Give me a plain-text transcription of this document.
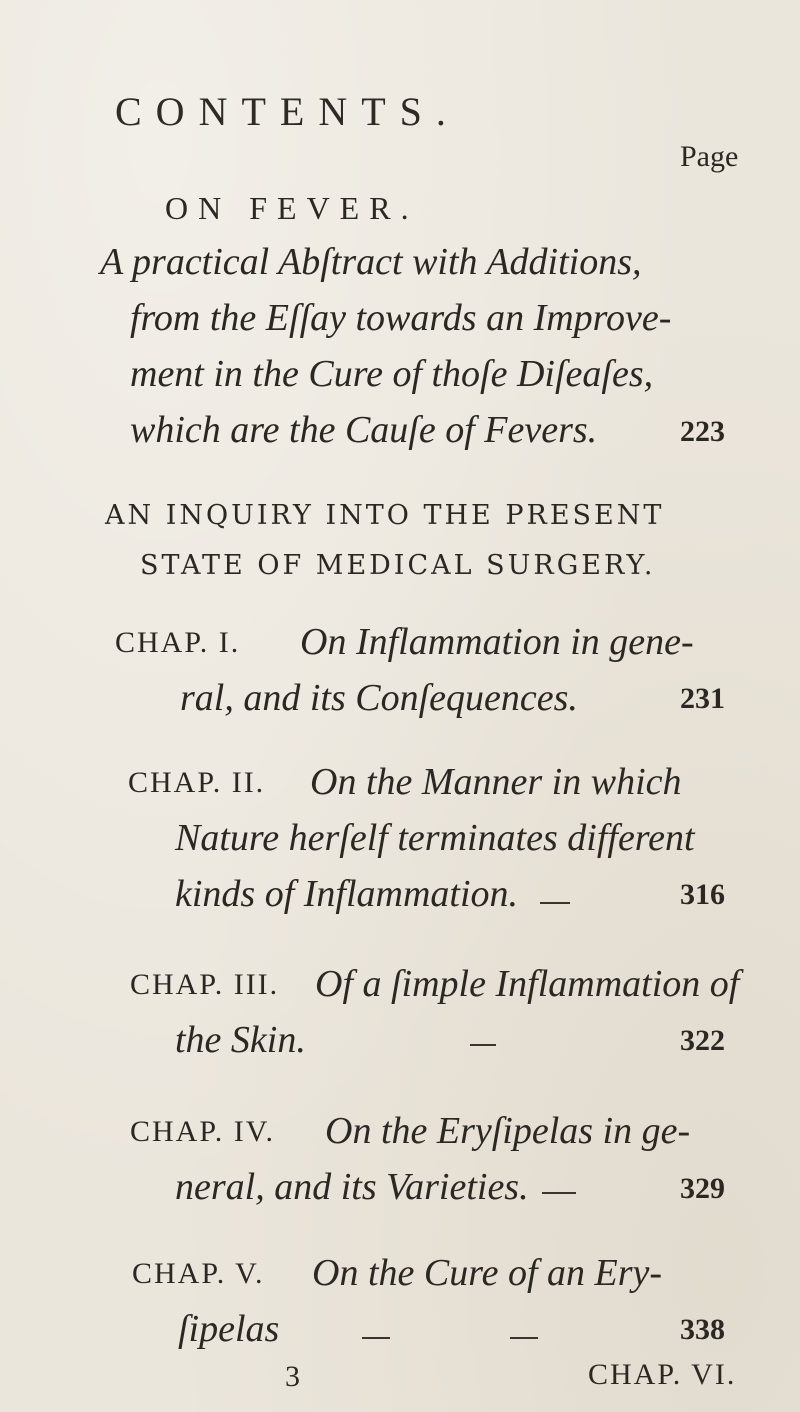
CONTENTS.
Page
ON FEVER.
A practical Abſtract with Additions,
from the Eſſay towards an Improve-
ment in the Cure of thoſe Diſeaſes,
which are the Cauſe of Fevers.	223
AN INQUIRY INTO THE PRESENT
STATE OF MEDICAL SURGERY.
CHAP. I. On Inflammation in gene-
ral, and its Conſequences.	231
CHAP. II. On the Manner in which
Nature herſelf terminates different
kinds of Inflammation.	316
CHAP. III. Of a ſimple Inflammation of
the Skin.	322
CHAP. IV. On the Eryſipelas in ge-
neral, and its Varieties.	329
CHAP. V. On the Cure of an Ery-
ſipelas	338
3	CHAP. VI.
